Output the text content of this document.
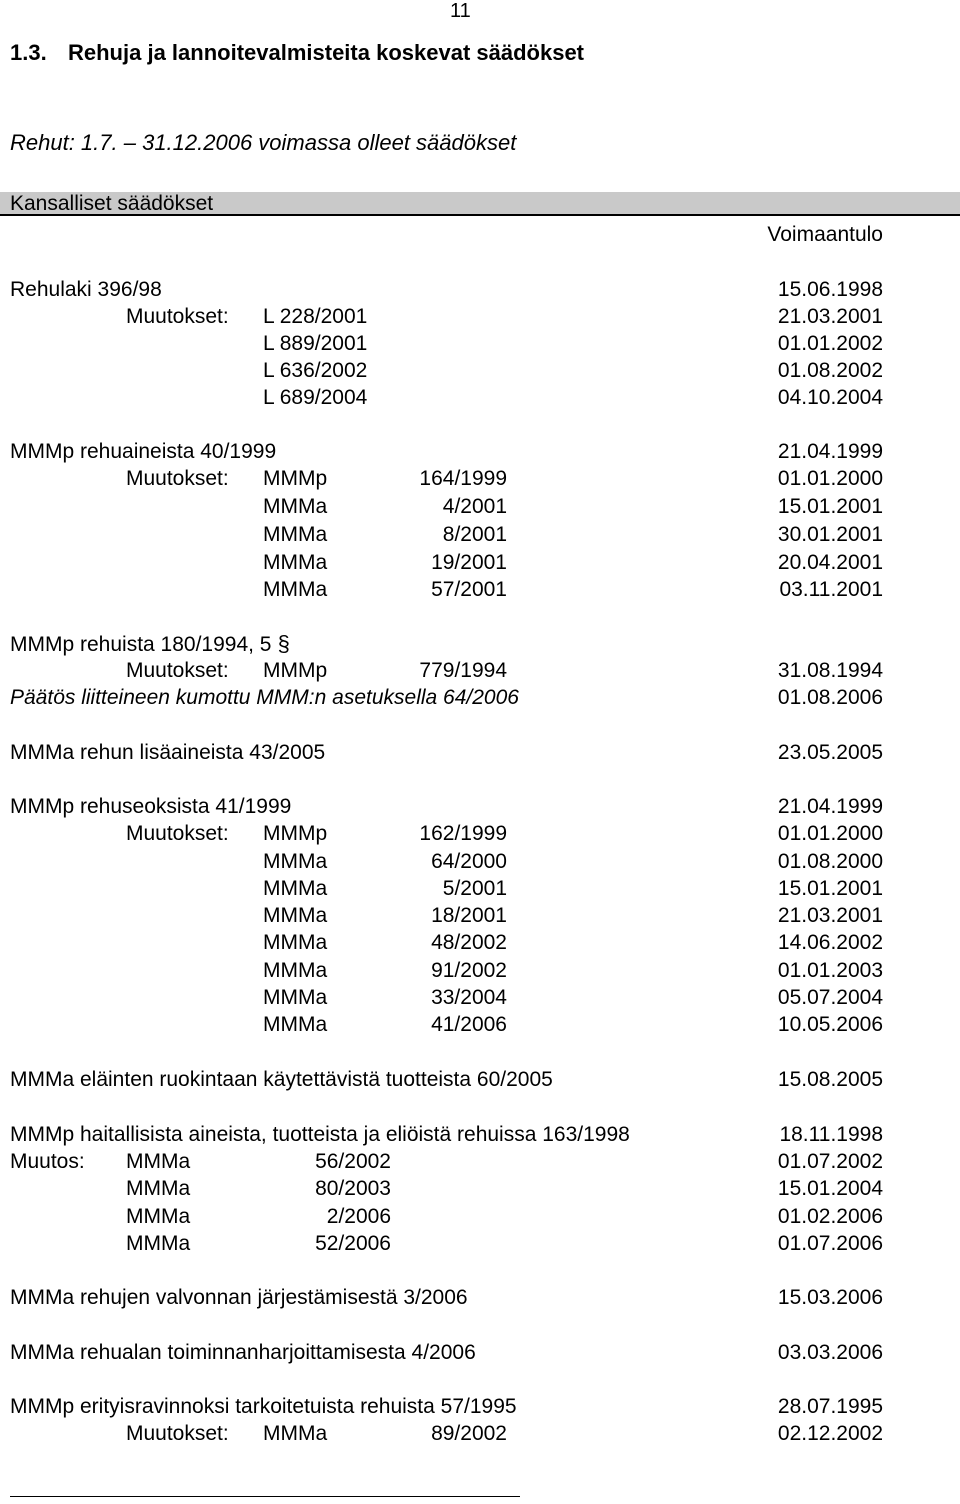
11
1.3. Rehuja ja lannoitevalmisteita koskevat säädökset
Rehut: 1.7. – 31.12.2006 voimassa olleet säädökset
Kansalliset säädökset
Voimaantulo
Rehulaki 396/98	15.06.1998
Muutokset: L 228/2001	21.03.2001
L 889/2001	01.01.2002
L 636/2002	01.08.2002
L 689/2004	04.10.2004
MMMp rehuaineista 40/1999	21.04.1999
Muutokset: MMMp	164/1999	01.01.2000
MMMa	4/2001	15.01.2001
MMMa	8/2001	30.01.2001
MMMa	19/2001	20.04.2001
MMMa	57/2001	03.11.2001
MMMp rehuista 180/1994, 5 §
Muutokset: MMMp	779/1994	31.08.1994
Päätös liitteineen kumottu MMM:n asetuksella 64/2006	01.08.2006
MMMa rehun lisäaineista 43/2005	23.05.2005
MMMp rehuseoksista 41/1999	21.04.1999
Muutokset: MMMp	162/1999	01.01.2000
MMMa	64/2000	01.08.2000
MMMa	5/2001	15.01.2001
MMMa	18/2001	21.03.2001
MMMa	48/2002	14.06.2002
MMMa	91/2002	01.01.2003
MMMa	33/2004	05.07.2004
MMMa	41/2006	10.05.2006
MMMa eläinten ruokintaan käytettävistä tuotteista 60/2005	15.08.2005
MMMp haitallisista aineista, tuotteista ja eliöistä rehuissa 163/1998	18.11.1998
Muutos: MMMa	56/2002	01.07.2002
MMMa	80/2003	15.01.2004
MMMa	2/2006	01.02.2006
MMMa	52/2006	01.07.2006
MMMa rehujen valvonnan järjestämisestä 3/2006	15.03.2006
MMMa rehualan toiminnanharjoittamisesta 4/2006	03.03.2006
MMMp erityisravinnoksi tarkoitetuista rehuista 57/1995	28.07.1995
Muutokset: MMMa	89/2002	02.12.2002
